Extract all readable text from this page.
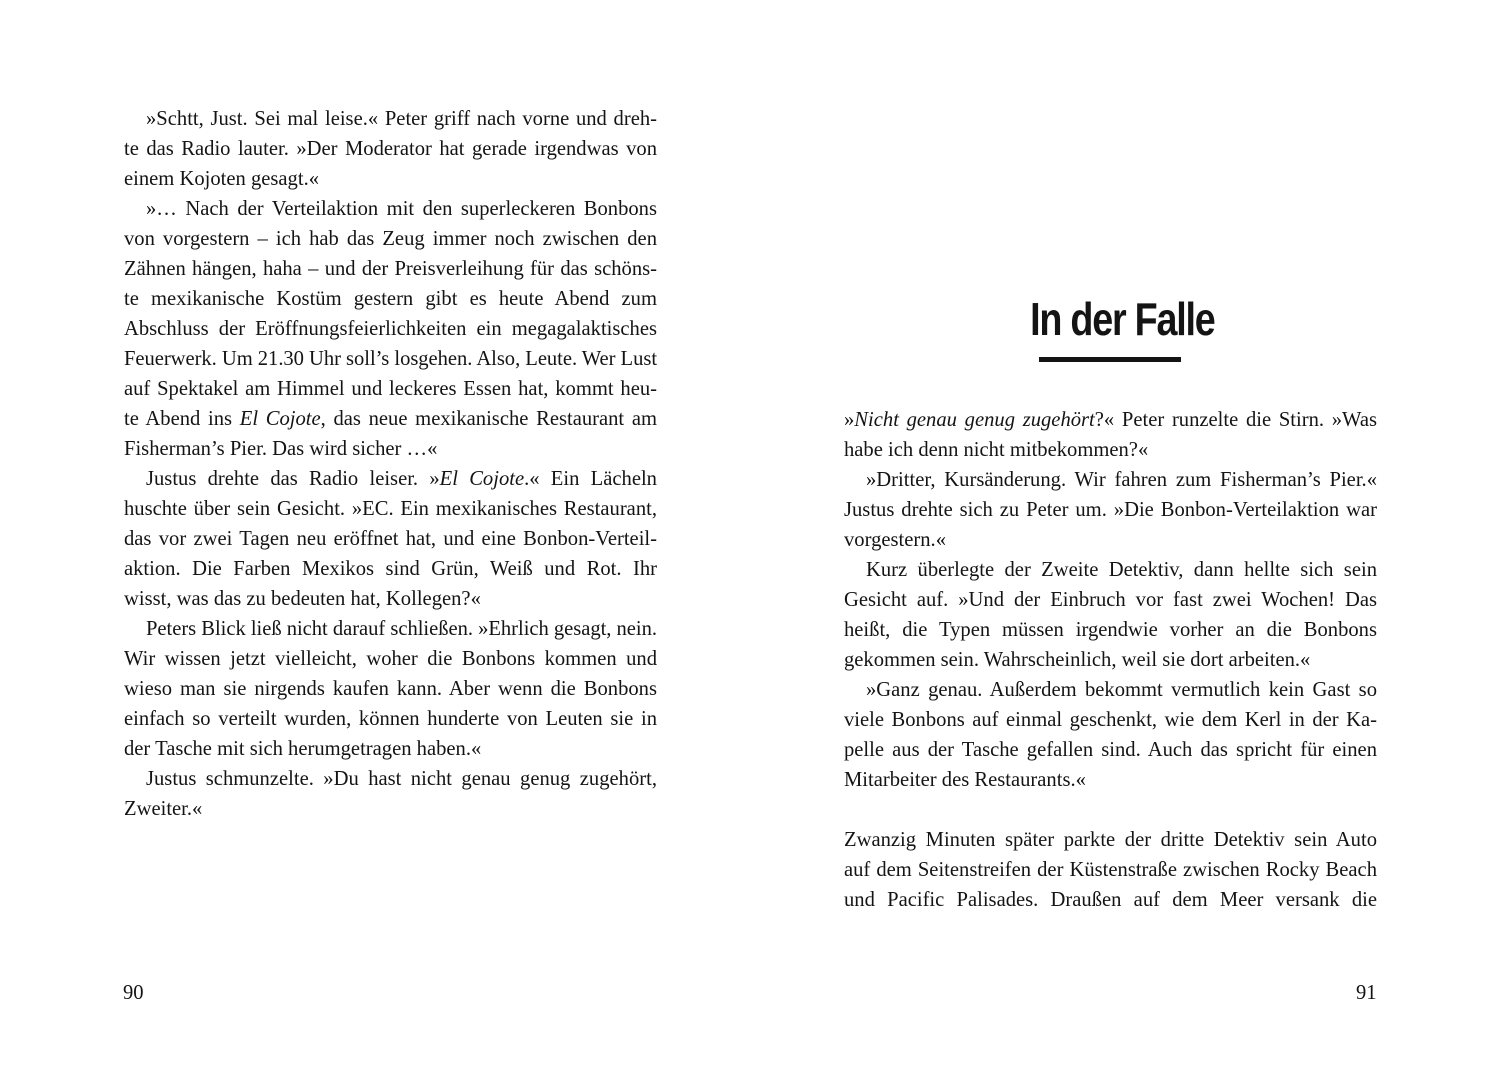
»Schtt, Just. Sei mal leise.« Peter griff nach vorne und dreh-

te das Radio lauter. »Der Moderator hat gerade irgendwas von

einem Kojoten gesagt.«

»… Nach der Verteilaktion mit den superleckeren Bonbons

von vorgestern – ich hab das Zeug immer noch zwischen den

Zähnen hängen, haha – und der Preisverleihung für das schöns-

te mexikanische Kostüm gestern gibt es heute Abend zum

Abschluss der Eröffnungsfeierlichkeiten ein megagalaktisches

Feuerwerk. Um 21.30 Uhr soll’s losgehen. Also, Leute. Wer Lust

auf Spektakel am Himmel und leckeres Essen hat, kommt heu-

te Abend ins El Cojote, das neue mexikanische Restaurant am

Fisherman’s Pier. Das wird sicher …«

Justus drehte das Radio leiser. »El Cojote.« Ein Lächeln

huschte über sein Gesicht. »EC. Ein mexikanisches Restaurant,

das vor zwei Tagen neu eröffnet hat, und eine Bonbon-Verteil-

aktion. Die Farben Mexikos sind Grün, Weiß und Rot. Ihr

wisst, was das zu bedeuten hat, Kollegen?«

Peters Blick ließ nicht darauf schließen. »Ehrlich gesagt, nein.

Wir wissen jetzt vielleicht, woher die Bonbons kommen und

wieso man sie nirgends kaufen kann. Aber wenn die Bonbons

einfach so verteilt wurden, können hunderte von Leuten sie in

der Tasche mit sich herumgetragen haben.«

Justus schmunzelte. »Du hast nicht genau genug zugehört,

Zweiter.«

90
In der Falle

»Nicht genau genug zugehört?« Peter runzelte die Stirn. »Was

habe ich denn nicht mitbekommen?«

»Dritter, Kursänderung. Wir fahren zum Fisherman’s Pier.«

Justus drehte sich zu Peter um. »Die Bonbon-Verteilaktion war

vorgestern.«

Kurz überlegte der Zweite Detektiv, dann hellte sich sein

Gesicht auf. »Und der Einbruch vor fast zwei Wochen! Das

heißt, die Typen müssen irgendwie vorher an die Bonbons

gekommen sein. Wahrscheinlich, weil sie dort arbeiten.«

»Ganz genau. Außerdem bekommt vermutlich kein Gast so

viele Bonbons auf einmal geschenkt, wie dem Kerl in der Ka-

pelle aus der Tasche gefallen sind. Auch das spricht für einen

Mitarbeiter des Restaurants.«

Zwanzig Minuten später parkte der dritte Detektiv sein Auto

auf dem Seitenstreifen der Küstenstraße zwischen Rocky Beach

und Pacific Palisades. Draußen auf dem Meer versank die

91
